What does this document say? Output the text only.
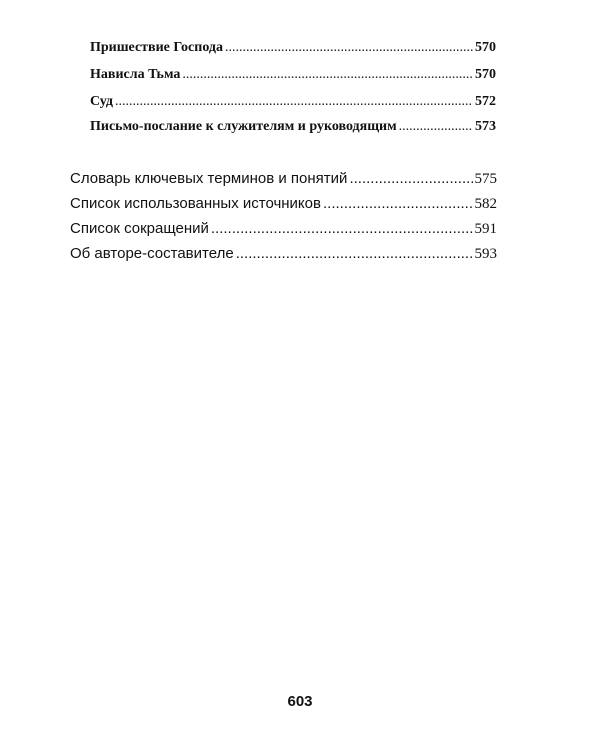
Пришествие Господа .....	570
Нависла Тьма .....	570
Суд .....	572
Письмо-послание к служителям и руководящим .....	573
Словарь ключевых терминов и понятий .....	575
Список использованных источников .....	582
Список сокращений .....	591
Об авторе-составителе .....	593
603
